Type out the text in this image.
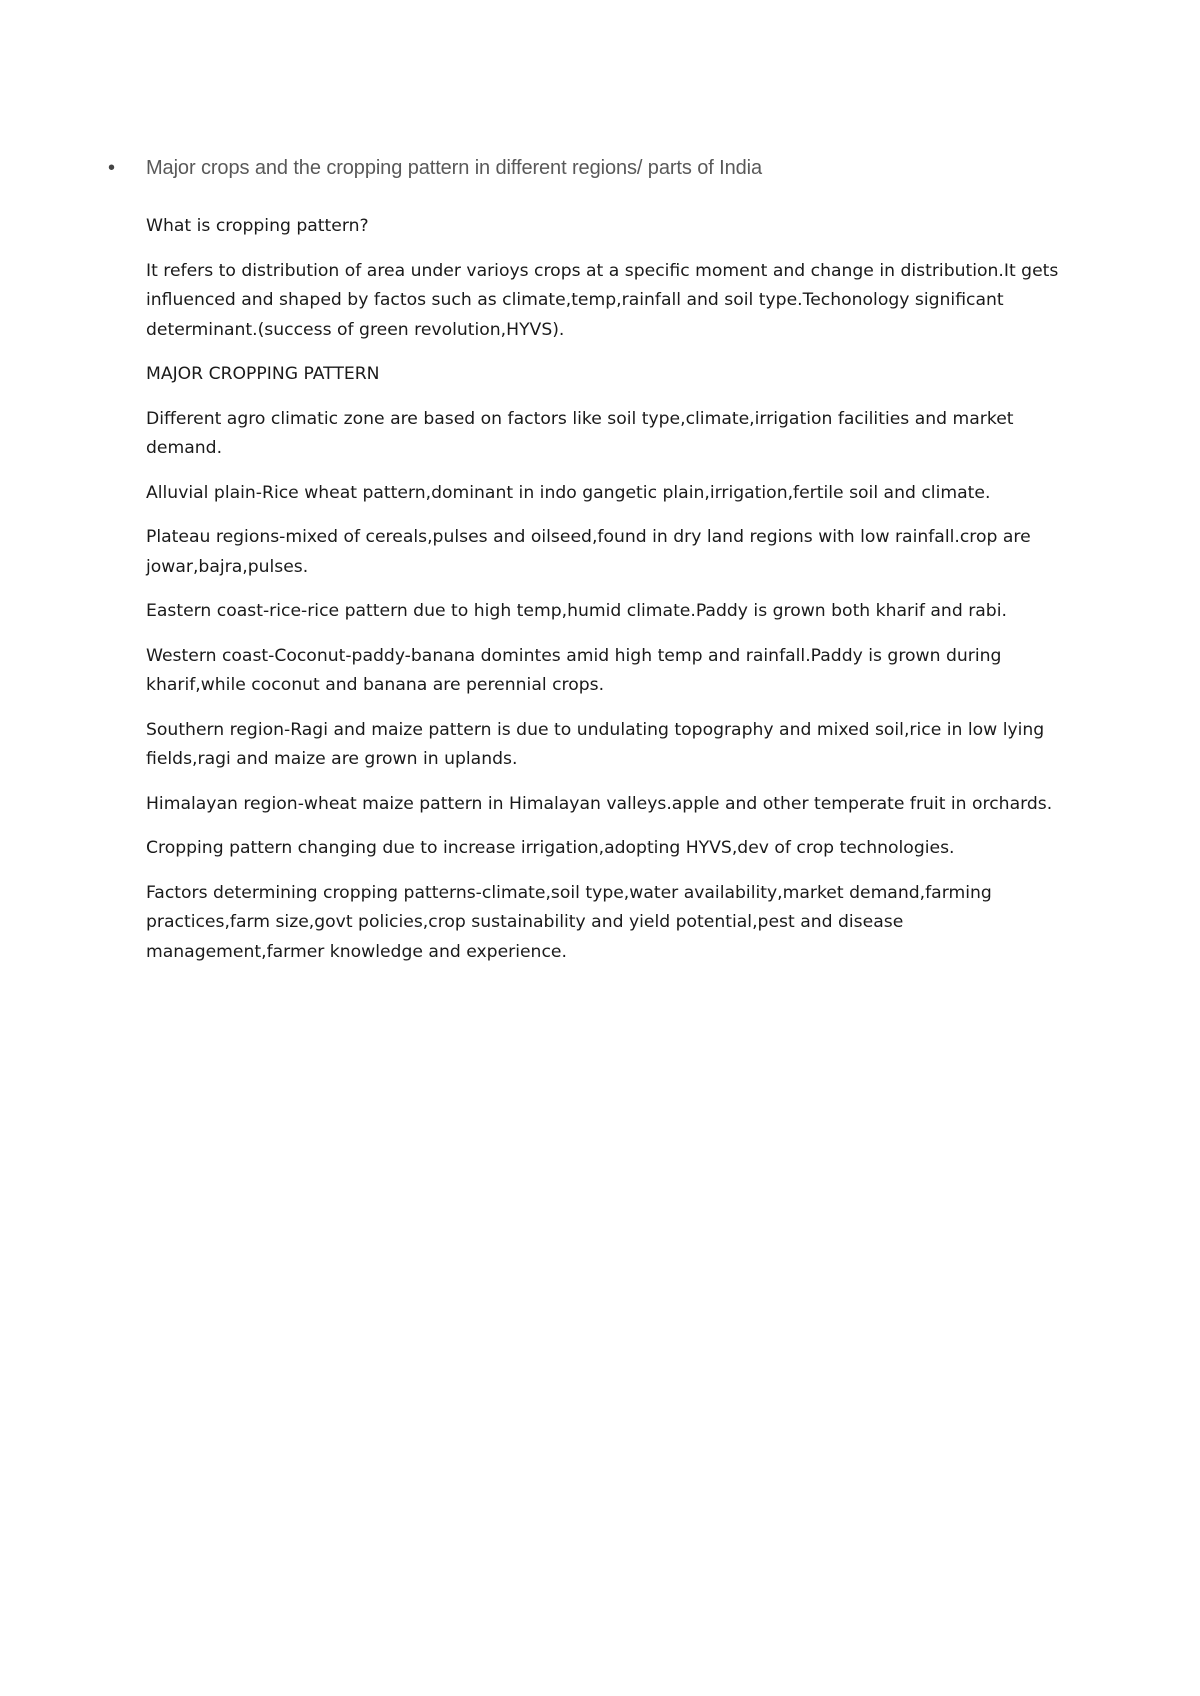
•	Major crops and the cropping pattern in different regions/ parts of India

What is cropping pattern?

It refers to distribution of area under varioys crops at a specific moment and change in distribution.It gets influenced and shaped by factos such as climate,temp,rainfall and soil type.Techonology significant determinant.(success of green revolution,HYVS).

MAJOR CROPPING PATTERN

Different agro climatic zone are based on factors like soil type,climate,irrigation facilities and market demand.

Alluvial plain-Rice wheat pattern,dominant in indo gangetic plain,irrigation,fertile soil and climate.

Plateau regions-mixed of cereals,pulses and oilseed,found in dry land regions with low rainfall.crop are jowar,bajra,pulses.

Eastern coast-rice-rice pattern due to high temp,humid climate.Paddy is grown both kharif and rabi.

Western coast-Coconut-paddy-banana domintes amid high temp and rainfall.Paddy is grown during kharif,while coconut and banana are perennial crops.

Southern region-Ragi and maize pattern is due to undulating topography and mixed soil,rice in low lying fields,ragi and maize are grown in uplands.

Himalayan region-wheat maize pattern in Himalayan valleys.apple and other temperate fruit in orchards.

Cropping pattern changing due to increase irrigation,adopting HYVS,dev of crop technologies.

Factors determining cropping patterns-climate,soil type,water availability,market demand,farming practices,farm size,govt policies,crop sustainability and yield potential,pest and disease management,farmer knowledge and experience.
